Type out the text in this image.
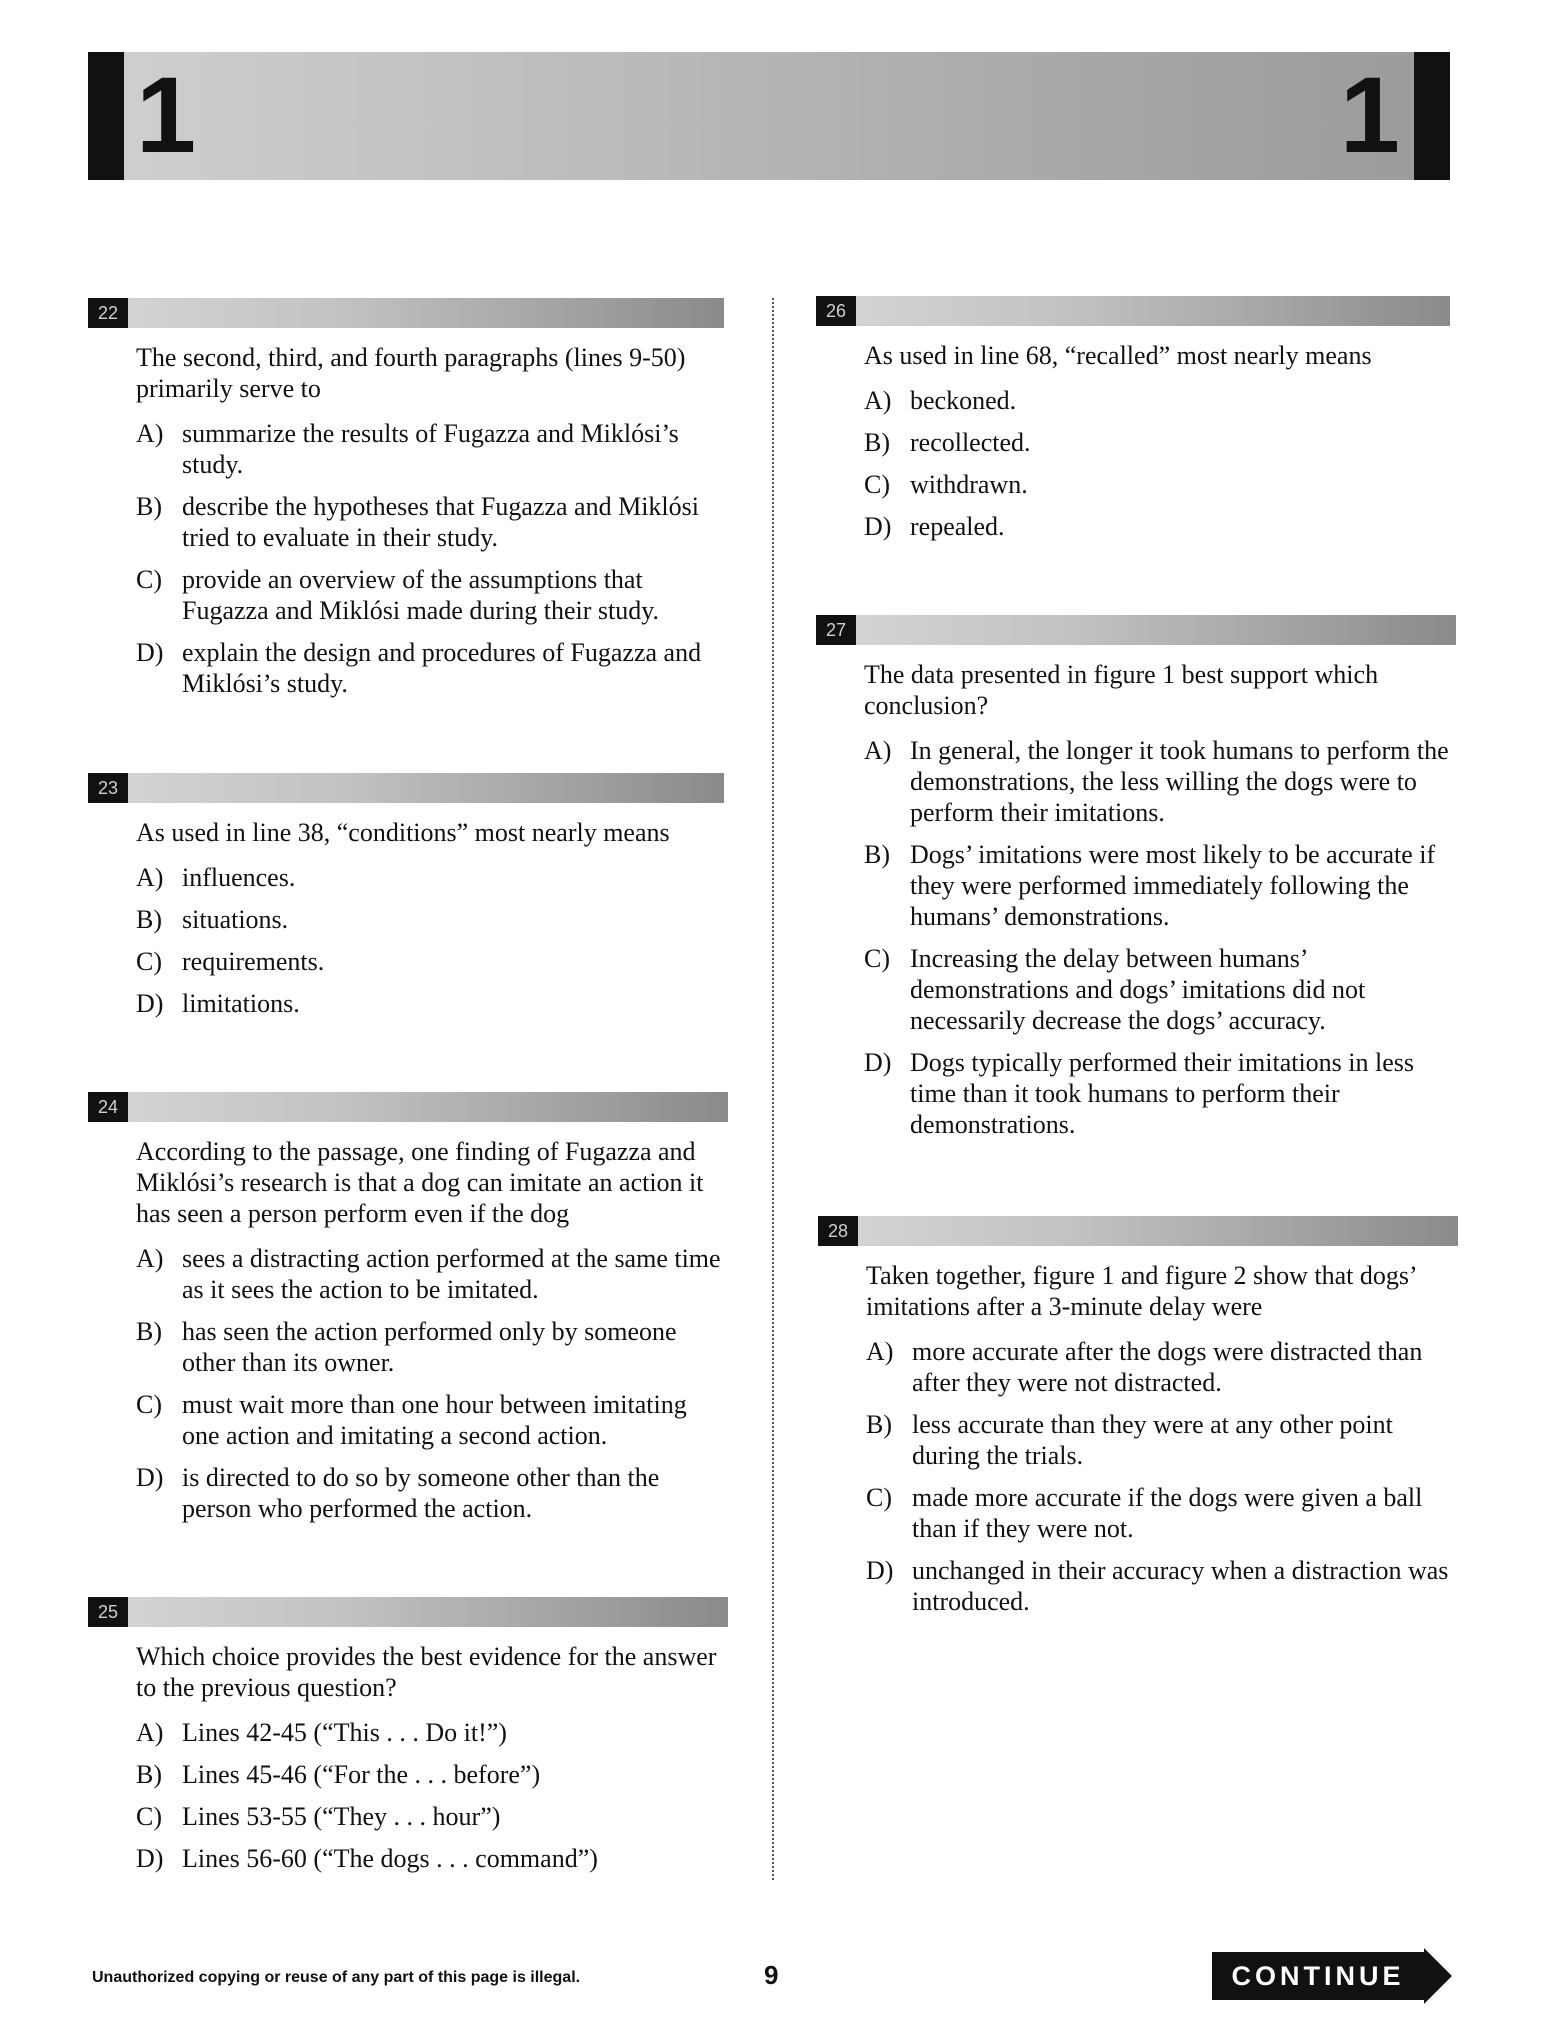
1	1
22
The second, third, and fourth paragraphs (lines 9-50) primarily serve to
A) summarize the results of Fugazza and Miklósi’s study.
B) describe the hypotheses that Fugazza and Miklósi tried to evaluate in their study.
C) provide an overview of the assumptions that Fugazza and Miklósi made during their study.
D) explain the design and procedures of Fugazza and Miklósi’s study.
23
As used in line 38, “conditions” most nearly means
A) influences.
B) situations.
C) requirements.
D) limitations.
24
According to the passage, one finding of Fugazza and Miklósi’s research is that a dog can imitate an action it has seen a person perform even if the dog
A) sees a distracting action performed at the same time as it sees the action to be imitated.
B) has seen the action performed only by someone other than its owner.
C) must wait more than one hour between imitating one action and imitating a second action.
D) is directed to do so by someone other than the person who performed the action.
25
Which choice provides the best evidence for the answer to the previous question?
A) Lines 42-45 (“This . . . Do it!”)
B) Lines 45-46 (“For the . . . before”)
C) Lines 53-55 (“They . . . hour”)
D) Lines 56-60 (“The dogs . . . command”)
26
As used in line 68, “recalled” most nearly means
A) beckoned.
B) recollected.
C) withdrawn.
D) repealed.
27
The data presented in figure 1 best support which conclusion?
A) In general, the longer it took humans to perform the demonstrations, the less willing the dogs were to perform their imitations.
B) Dogs’ imitations were most likely to be accurate if they were performed immediately following the humans’ demonstrations.
C) Increasing the delay between humans’ demonstrations and dogs’ imitations did not necessarily decrease the dogs’ accuracy.
D) Dogs typically performed their imitations in less time than it took humans to perform their demonstrations.
28
Taken together, figure 1 and figure 2 show that dogs’ imitations after a 3-minute delay were
A) more accurate after the dogs were distracted than after they were not distracted.
B) less accurate than they were at any other point during the trials.
C) made more accurate if the dogs were given a ball than if they were not.
D) unchanged in their accuracy when a distraction was introduced.
Unauthorized copying or reuse of any part of this page is illegal.	9	CONTINUE
